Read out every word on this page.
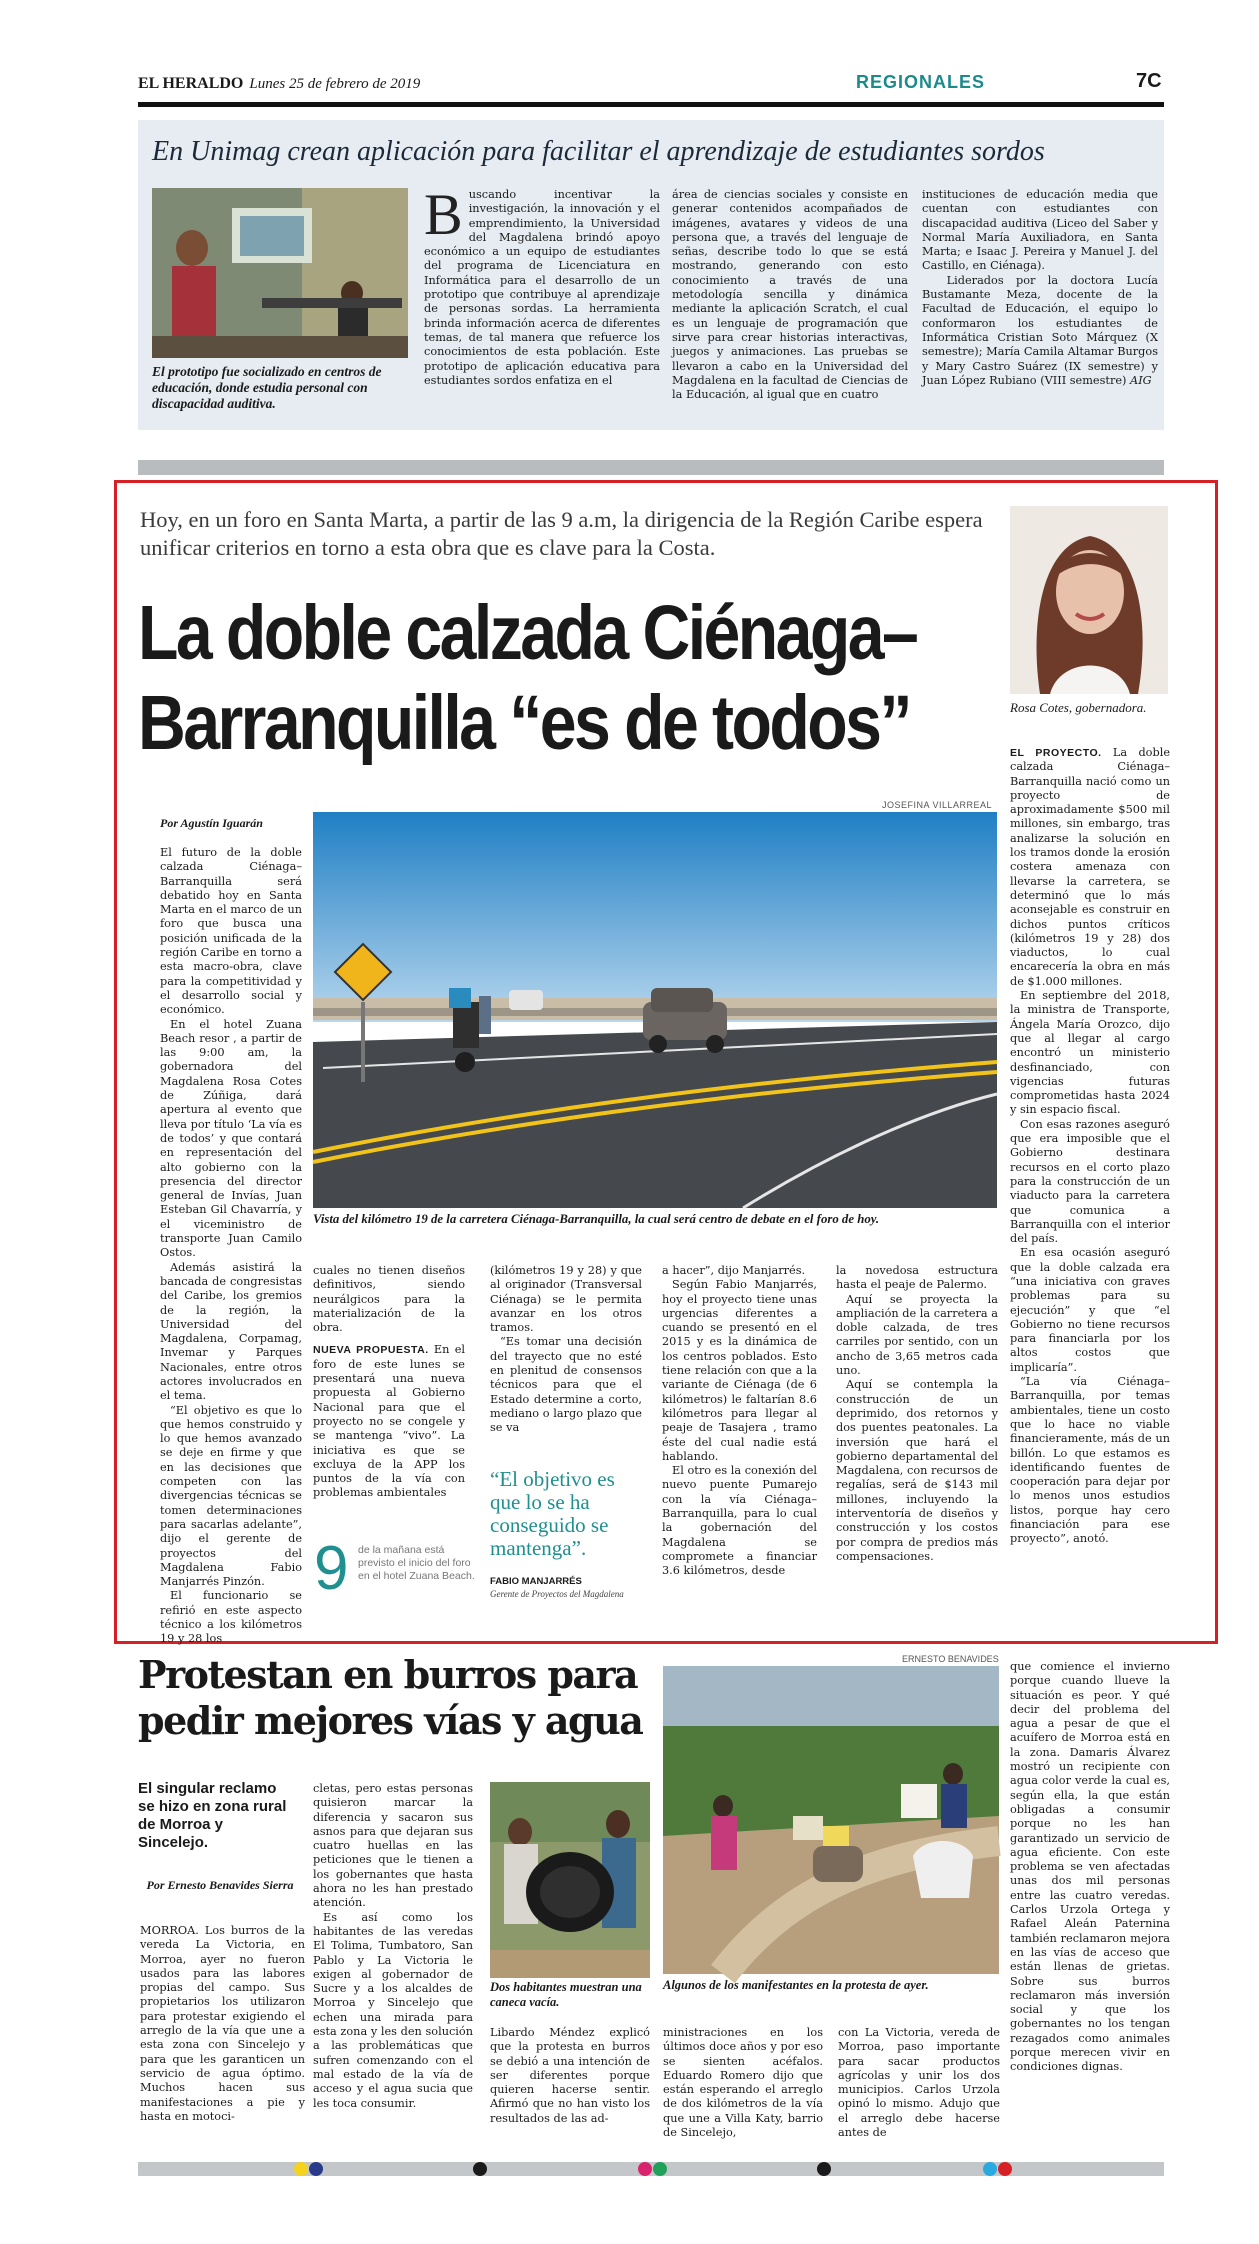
EL HERALDO Lunes 25 de febrero de 2019	REGIONALES	7C
En Unimag crean aplicación para facilitar el aprendizaje de estudiantes sordos
El prototipo fue socializado en centros de educación, donde estudia personal con discapacidad auditiva.
Buscando incentivar la investigación, la innovación y el emprendimiento, la Universidad del Magdalena brindó apoyo económico a un equipo de estudiantes del programa de Licenciatura en Informática para el desarrollo de un prototipo que contribuye al aprendizaje de personas sordas. La herramienta brinda información acerca de diferentes temas, de tal manera que refuerce los conocimientos de esta población. Este prototipo de aplicación educativa para estudiantes sordos enfatiza en el
área de ciencias sociales y consiste en generar contenidos acompañados de imágenes, avatares y videos de una persona que, a través del lenguaje de señas, describe todo lo que se está mostrando, generando con esto conocimiento a través de una metodología sencilla y dinámica mediante la aplicación Scratch, el cual es un lenguaje de programación que sirve para crear historias interactivas, juegos y animaciones. Las pruebas se llevaron a cabo en la Universidad del Magdalena en la facultad de Ciencias de la Educación, al igual que en cuatro
instituciones de educación media que cuentan con estudiantes con discapacidad auditiva (Liceo del Saber y Normal María Auxiliadora, en Santa Marta; e Isaac J. Pereira y Manuel J. del Castillo, en Ciénaga).
Liderados por la doctora Lucía Bustamante Meza, docente de la Facultad de Educación, el equipo lo conformaron los estudiantes de Informática Cristian Soto Márquez (X semestre); María Camila Altamar Burgos y Mary Castro Suárez (IX semestre) y Juan López Rubiano (VIII semestre) AIG
Hoy, en un foro en Santa Marta, a partir de las 9 a.m, la dirigencia de la Región Caribe espera unificar criterios en torno a esta obra que es clave para la Costa.
La doble calzada Ciénaga–
Barranquilla “es de todos”	Rosa Cotes, gobernadora.
Por Agustín Iguarán
JOSEFINA VILLARREAL
Vista del kilómetro 19 de la carretera Ciénaga-Barranquilla, la cual será centro de debate en el foro de hoy.
El futuro de la doble calzada Ciénaga–Barranquilla será debatido hoy en Santa Marta en el marco de un foro que busca una posición unificada de la región Caribe en torno a esta macro-obra, clave para la competitividad y el desarrollo social y económico.
En el hotel Zuana Beach resor , a partir de las 9:00 am, la gobernadora del Magdalena Rosa Cotes de Zúñiga, dará apertura al evento que lleva por título ‘La vía es de todos’ y que contará en representación del alto gobierno con la presencia del director general de Invías, Juan Esteban Gil Chavarría, y el viceministro de transporte Juan Camilo Ostos.
Además asistirá la bancada de congresistas del Caribe, los gremios de la región, la Universidad del Magdalena, Corpamag, Invemar y Parques Nacionales, entre otros actores involucrados en el tema.
“El objetivo es que lo que hemos construido y lo que hemos avanzado se deje en firme y que en las decisiones que competen con las divergencias técnicas se tomen determinaciones para sacarlas adelante”, dijo el gerente de proyectos del Magdalena Fabio Manjarrés Pinzón.
El funcionario se refirió en este aspecto técnico a los kilómetros 19 y 28 los
cuales no tienen diseños definitivos, siendo neurálgicos para la materialización de la obra.
NUEVA PROPUESTA. En el foro de este lunes se presentará una nueva propuesta al Gobierno Nacional para que el proyecto no se congele y se mantenga “vivo”. La iniciativa es que se excluya de la APP los puntos de la vía con problemas ambientales
(kilómetros 19 y 28) y que al originador (Transversal Ciénaga) se le permita avanzar en los otros tramos.
“Es tomar una decisión del trayecto que no esté en plenitud de consensos técnicos para que el Estado determine a corto, mediano o largo plazo que se va
“El objetivo es que lo se ha conseguido se mantenga”.
FABIO MANJARRÉS
Gerente de Proyectos del Magdalena
9 de la mañana está previsto el inicio del foro en el hotel Zuana Beach.
a hacer”, dijo Manjarrés.
Según Fabio Manjarrés, hoy el proyecto tiene unas urgencias diferentes a cuando se presentó en el 2015 y es la dinámica de los centros poblados. Esto tiene relación con que a la variante de Ciénaga (de 6 kilómetros) le faltarían 8.6 kilómetros para llegar al peaje de Tasajera , tramo éste del cual nadie está hablando.
El otro es la conexión del nuevo puente Pumarejo con la vía Ciénaga–Barranquilla, para lo cual la gobernación del Magdalena se compromete a financiar 3.6 kilómetros, desde
la novedosa estructura hasta el peaje de Palermo.
Aquí se proyecta la ampliación de la carretera a doble calzada, de tres carriles por sentido, con un ancho de 3,65 metros cada uno.
Aquí se contempla la construcción de un deprimido, dos retornos y dos puentes peatonales. La inversión que hará el gobierno departamental del Magdalena, con recursos de regalías, será de $143 mil millones, incluyendo la interventoría de diseños y construcción y los costos por compra de predios más compensaciones.
EL PROYECTO. La doble calzada Ciénaga–Barranquilla nació como un proyecto de aproximadamente $500 mil millones, sin embargo, tras analizarse la solución en los tramos donde la erosión costera amenaza con llevarse la carretera, se determinó que lo más aconsejable es construir en dichos puntos críticos (kilómetros 19 y 28) dos viaductos, lo cual encarecería la obra en más de $1.000 millones.
En septiembre del 2018, la ministra de Transporte, Ángela María Orozco, dijo que al llegar al cargo encontró un ministerio desfinanciado, con vigencias futuras comprometidas hasta 2024 y sin espacio fiscal.
Con esas razones aseguró que era imposible que el Gobierno destinara recursos en el corto plazo para la construcción de un viaducto para la carretera que comunica a Barranquilla con el interior del país.
En esa ocasión aseguró que la doble calzada era “una iniciativa con graves problemas para su ejecución” y que “el Gobierno no tiene recursos para financiarla por los altos costos que implicaría”.
“La vía Ciénaga–Barranquilla, por temas ambientales, tiene un costo que lo hace no viable financieramente, más de un billón. Lo que estamos es identificando fuentes de cooperación para dejar por lo menos unos estudios listos, porque hay cero financiación para ese proyecto”, anotó.
Protestan en burros para pedir mejores vías y agua
El singular reclamo se hizo en zona rural de Morroa y Sincelejo.
Por Ernesto Benavides Sierra
MORROA. Los burros de la vereda La Victoria, en Morroa, ayer no fueron usados para las labores propias del campo. Sus propietarios los utilizaron para protestar exigiendo el arreglo de la vía que une a esta zona con Sincelejo y para que les garanticen un servicio de agua óptimo. Muchos hacen sus manifestaciones a pie y hasta en motoci-
cletas, pero estas personas quisieron marcar la diferencia y sacaron sus asnos para que dejaran sus cuatro huellas en las peticiones que le tienen a los gobernantes que hasta ahora no les han prestado atención.
Es así como los habitantes de las veredas El Tolima, Tumbatoro, San Pablo y La Victoria le exigen al gobernador de Sucre y a los alcaldes de Morroa y Sincelejo que echen una mirada para esta zona y les den solución a las problemáticas que sufren comenzando con el mal estado de la vía de acceso y el agua sucia que les toca consumir.
Dos habitantes muestran una caneca vacía.
ERNESTO BENAVIDES
Algunos de los manifestantes en la protesta de ayer.
Libardo Méndez explicó que la protesta en burros se debió a una intención de ser diferentes porque quieren hacerse sentir. Afirmó que no han visto los resultados de las ad-
ministraciones en los últimos doce años y por eso se sienten acéfalos. Eduardo Romero dijo que están esperando el arreglo de dos kilómetros de la vía que une a Villa Katy, barrio de Sincelejo,
con La Victoria, vereda de Morroa, paso importante para sacar productos agrícolas y unir los dos municipios. Carlos Urzola opinó lo mismo. Adujo que el arreglo debe hacerse antes de
que comience el invierno porque cuando llueve la situación es peor. Y qué decir del problema del agua a pesar de que el acuífero de Morroa está en la zona. Damaris Álvarez mostró un recipiente con agua color verde la cual es, según ella, la que están obligadas a consumir porque no les han garantizado un servicio de agua eficiente. Con este problema se ven afectadas unas dos mil personas entre las cuatro veredas. Carlos Urzola Ortega y Rafael Aleán Paternina también reclamaron mejora en las vías de acceso que están llenas de grietas. Sobre sus burros reclamaron más inversión social y que los gobernantes no los tengan rezagados como animales porque merecen vivir en condiciones dignas.
